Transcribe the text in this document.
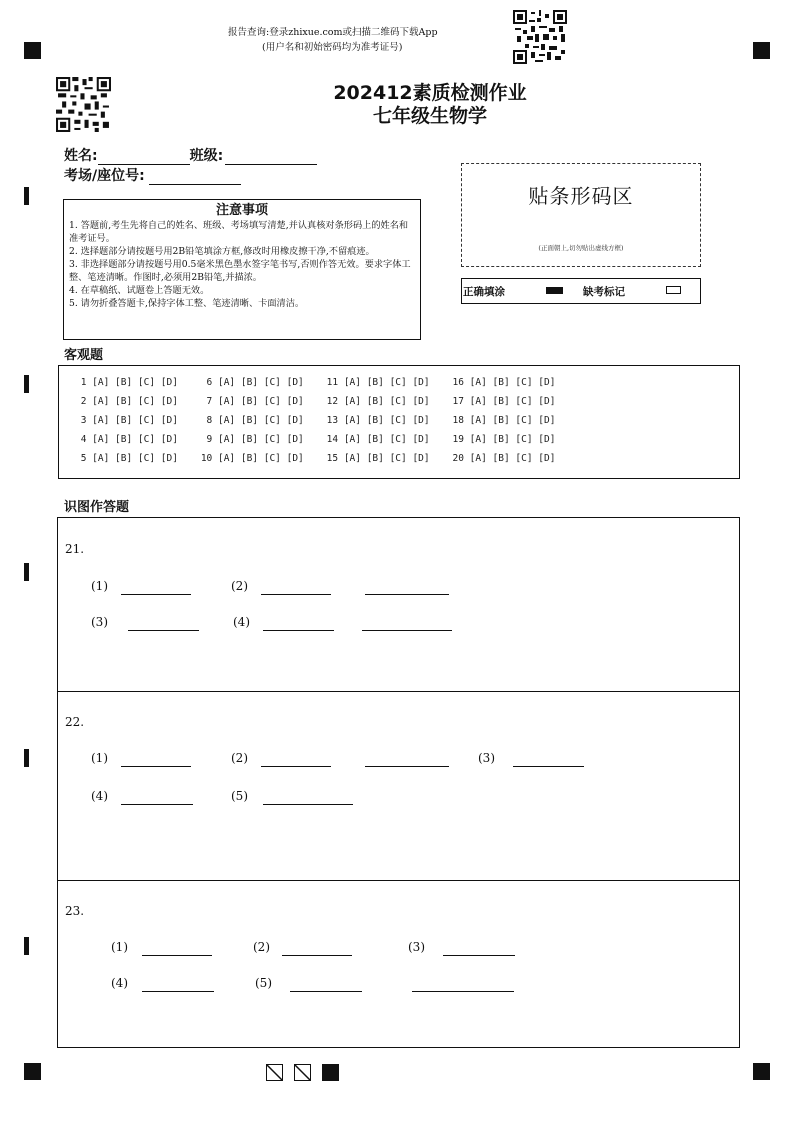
报告查询:登录zhixue.com或扫描二维码下载App
(用户名和初始密码均为准考证号)
202412素质检测作业
七年级生物学
姓名:	班级:
考场/座位号:
注意事项

1. 答题前,考生先将自己的姓名、班级、考场填写清楚,并认真核对条形码上的姓名和准考证号。

2. 选择题部分请按题号用2B铅笔填涂方框,修改时用橡皮擦干净,不留痕迹。

3. 非选择题部分请按题号用0.5毫米黑色墨水签字笔书写,否则作答无效。要求字体工整、笔迹清晰。作图时,必须用2B铅笔,并描浓。

4. 在草稿纸、试题卷上答题无效。

5. 请勿折叠答题卡,保持字体工整、笔迹清晰、卡面清洁。

贴条形码区
(正面朝上,切勿贴出虚线方框)
正确填涂	缺考标记
客观题
1 [A] [B] [C] [D]     6 [A] [B] [C] [D]    11 [A] [B] [C] [D]    16 [A] [B] [C] [D]
2 [A] [B] [C] [D]     7 [A] [B] [C] [D]    12 [A] [B] [C] [D]    17 [A] [B] [C] [D]
3 [A] [B] [C] [D]     8 [A] [B] [C] [D]    13 [A] [B] [C] [D]    18 [A] [B] [C] [D]
4 [A] [B] [C] [D]     9 [A] [B] [C] [D]    14 [A] [B] [C] [D]    19 [A] [B] [C] [D]
5 [A] [B] [C] [D]    10 [A] [B] [C] [D]    15 [A] [B] [C] [D]    20 [A] [B] [C] [D]
识图作答题
21.
(1)	(2)
(3)	(4)
22.
(1)	(2)	(3)
(4)	(5)
23.
(1)	(2)	(3)
(4)	(5)
